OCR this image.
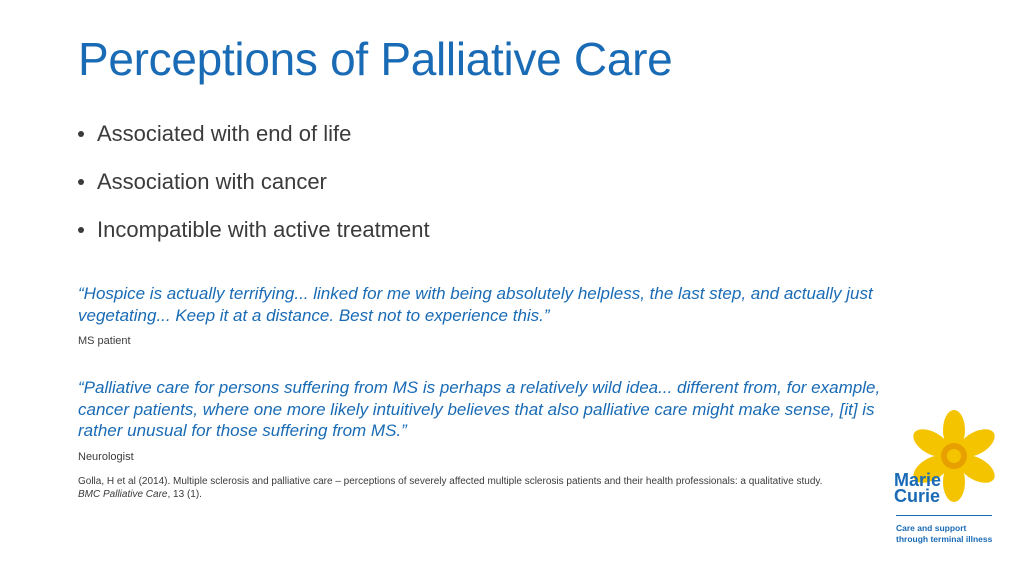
Perceptions of Palliative Care
Associated with end of life
Association with cancer
Incompatible with active treatment
“Hospice is actually terrifying... linked for me with being absolutely helpless, the last step, and actually just vegetating... Keep it at a distance. Best not to experience this.”
MS patient
“Palliative care for persons suffering from MS is perhaps a relatively wild idea... different from, for example, cancer patients, where one more likely intuitively believes that also palliative care might make sense, [it] is rather unusual for those suffering from MS.”
Neurologist
Golla, H et al (2014). Multiple sclerosis and palliative care – perceptions of severely affected multiple sclerosis patients and their health professionals: a qualitative study.
BMC Palliative Care, 13 (1).
Marie
Curie
Care and support
through terminal illness
